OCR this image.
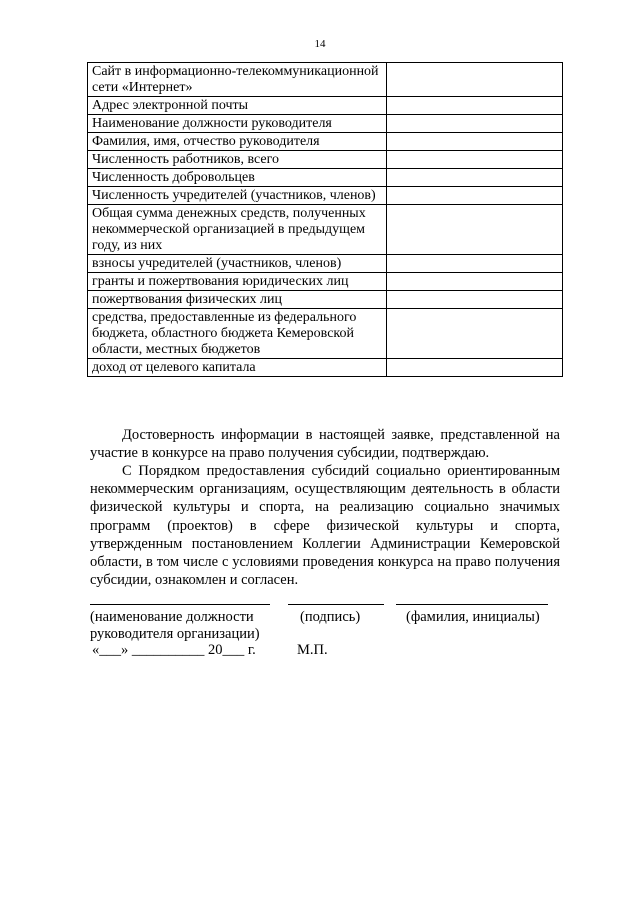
14
Сайт в информационно-телекоммуникационной сети «Интернет»	
Адрес электронной почты	
Наименование должности руководителя	
Фамилия, имя, отчество руководителя	
Численность работников, всего	
Численность добровольцев	
Численность учредителей (участников, членов)	
Общая сумма денежных средств, полученных некоммерческой организацией в предыдущем году, из них	
взносы учредителей (участников, членов)	
гранты и пожертвования юридических лиц	
пожертвования физических лиц	
средства, предоставленные из федерального бюджета, областного бюджета Кемеровской области, местных бюджетов	
доход от целевого капитала	

Достоверность информации в настоящей заявке, представленной на участие в конкурсе на право получения субсидии, подтверждаю.

С Порядком предоставления субсидий социально ориентированным некоммерческим организациям, осуществляющим деятельность в области физической культуры и спорта, на реализацию социально значимых программ (проектов) в сфере физической культуры и спорта, утвержденным постановлением Коллегии Администрации Кемеровской области, в том числе с условиями проведения конкурса на право получения субсидии, ознакомлен и согласен.

(наименование должности руководителя организации)
(подпись)	(фамилия, инициалы)
«___» __________ 20___ г.	М.П.
